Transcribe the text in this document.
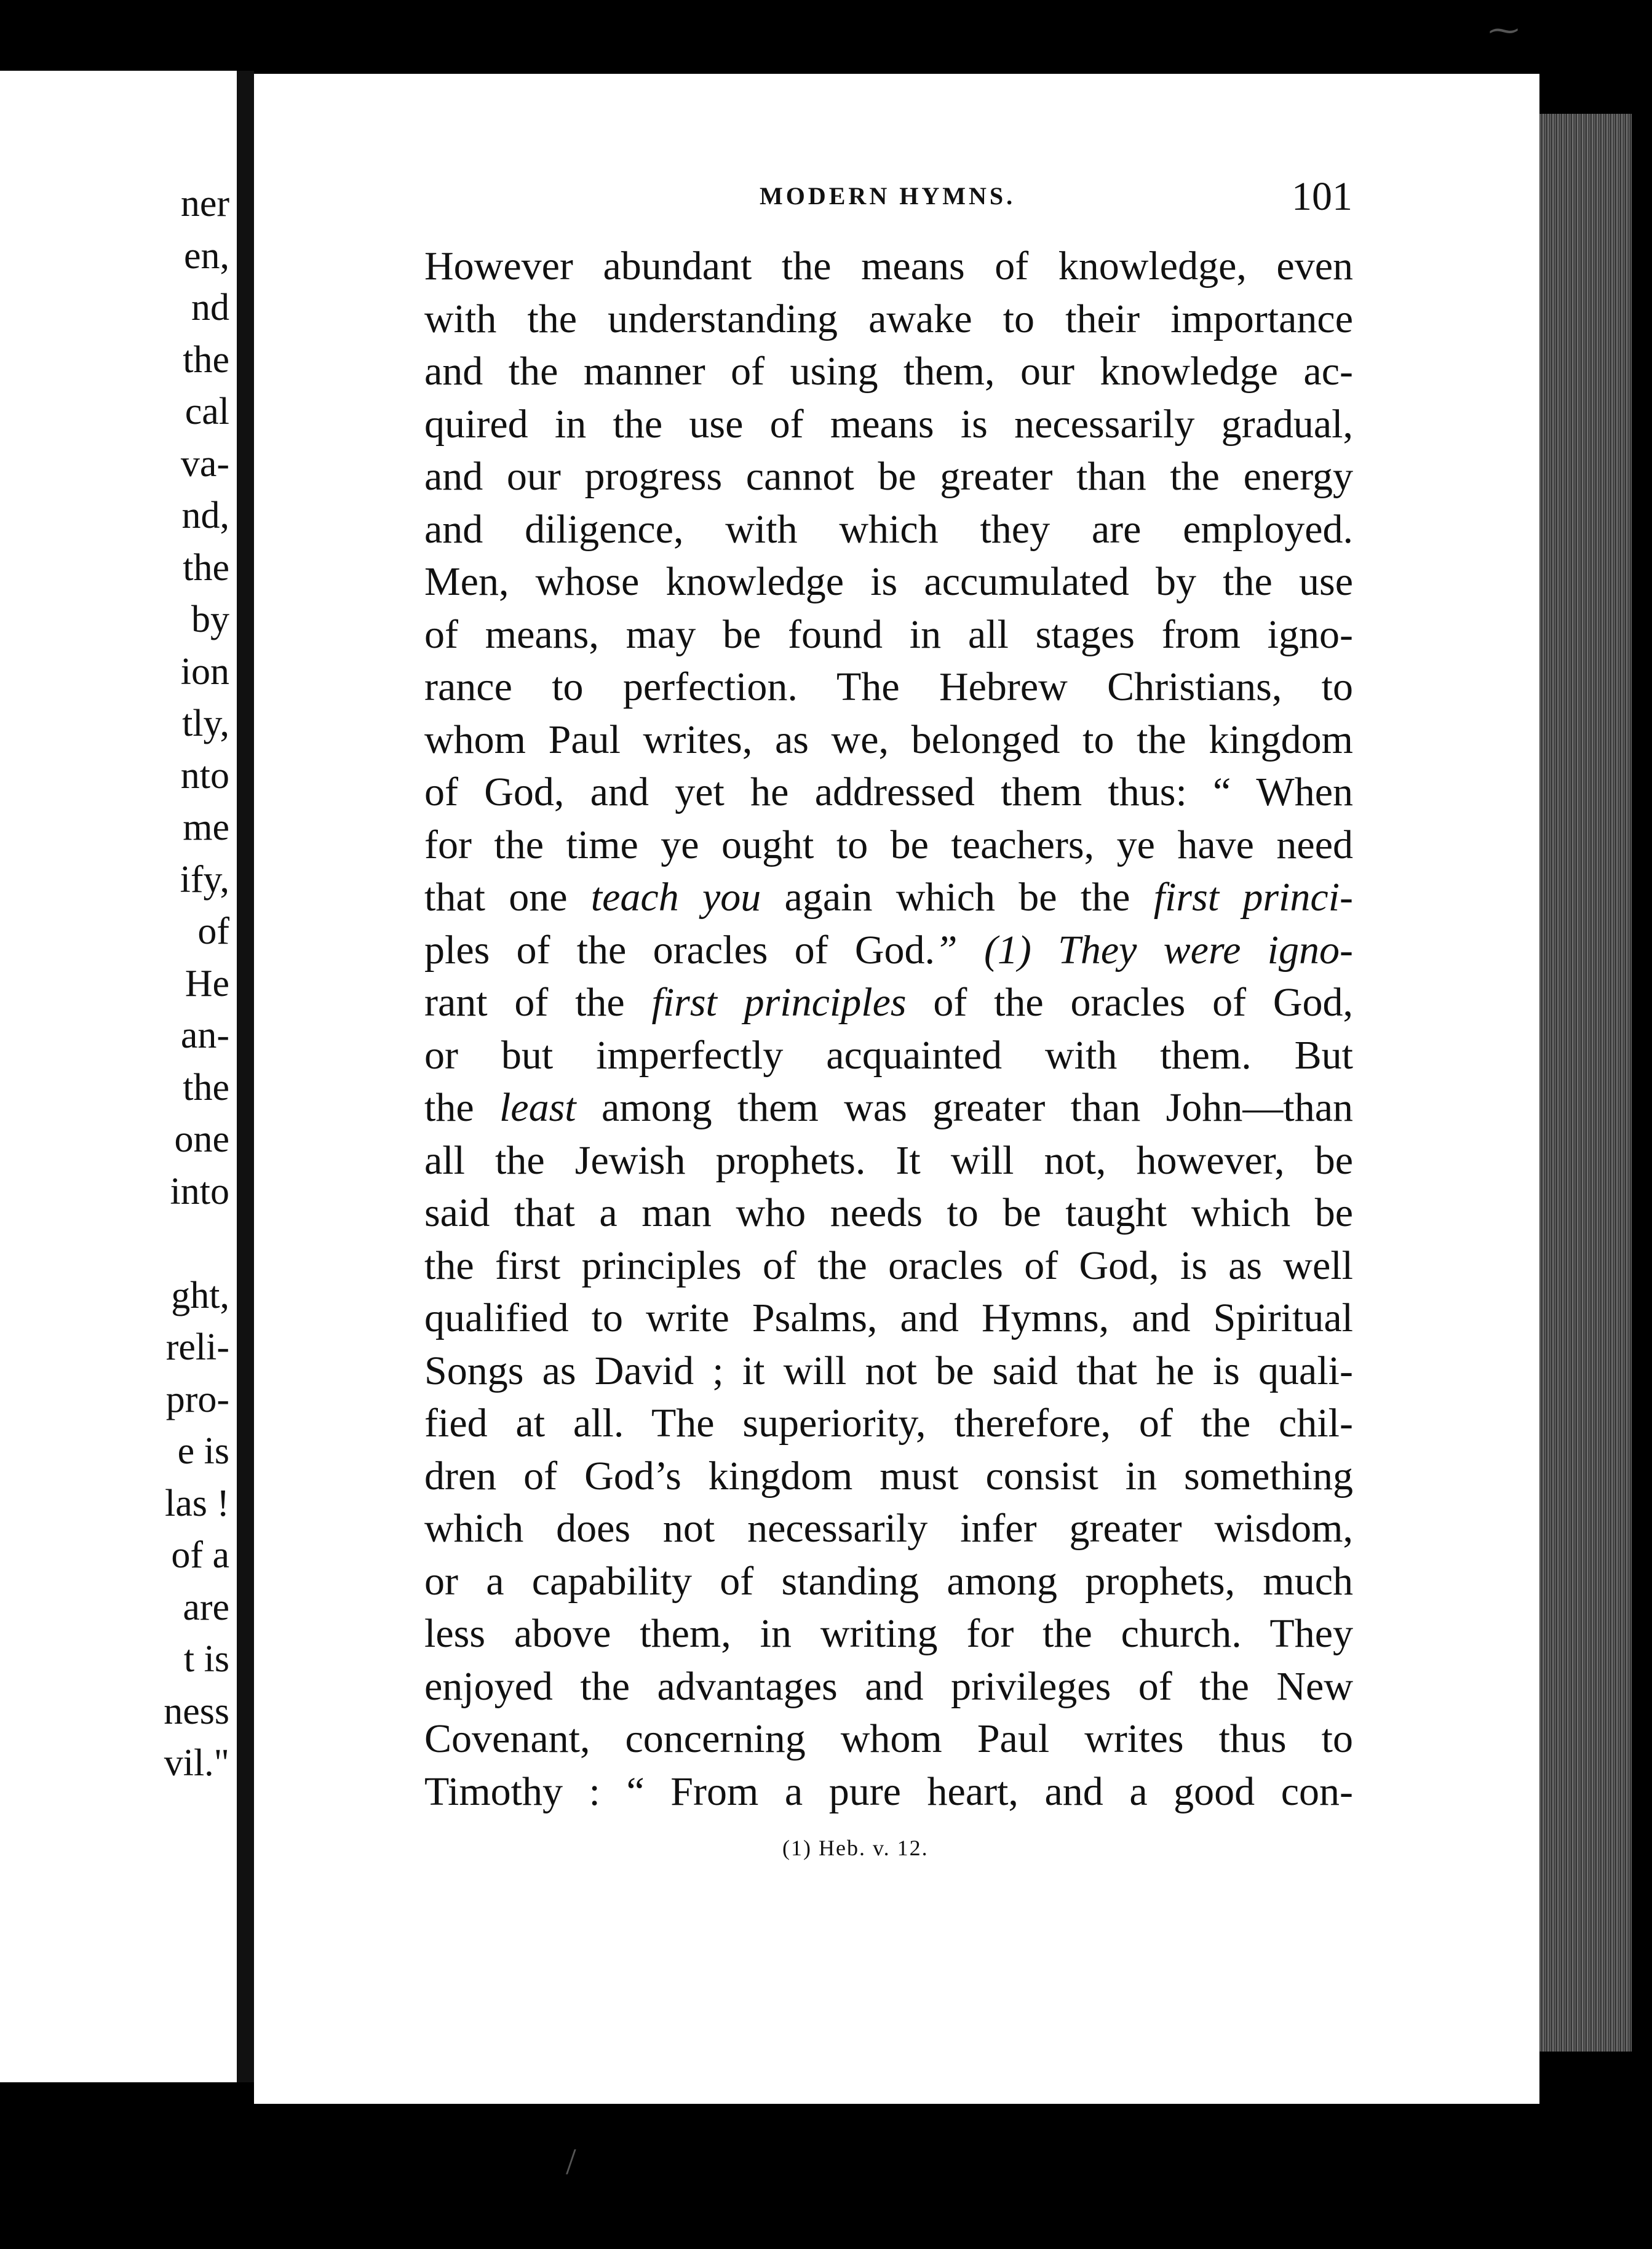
ner
en,
nd
the
cal
va-
nd,
the
by
ion
tly,
nto
me
ify,
of
He
an-
the
one
into
ght,
reli-
pro-
e is
las !
of a
are
t is
ness
vil."
MODERN HYMNS.	101
However abundant the means of knowledge, even
with the understanding awake to their importance
and the manner of using them, our knowledge ac-
quired in the use of means is necessarily gradual,
and our progress cannot be greater than the energy
and diligence, with which they are employed.
Men, whose knowledge is accumulated by the use
of means, may be found in all stages from igno-
rance to perfection. The Hebrew Christians, to
whom Paul writes, as we, belonged to the kingdom
of God, and yet he addressed them thus: “ When
for the time ye ought to be teachers, ye have need
that one teach you again which be the first princi-
ples of the oracles of God.” (1) They were igno-
rant of the first principles of the oracles of God,
or but imperfectly acquainted with them. But
the least among them was greater than John—than
all the Jewish prophets. It will not, however, be
said that a man who needs to be taught which be
the first principles of the oracles of God, is as well
qualified to write Psalms, and Hymns, and Spiritual
Songs as David ; it will not be said that he is quali-
fied at all. The superiority, therefore, of the chil-
dren of God’s kingdom must consist in something
which does not necessarily infer greater wisdom,
or a capability of standing among prophets, much
less above them, in writing for the church. They
enjoyed the advantages and privileges of the New
Covenant, concerning whom Paul writes thus to
Timothy : “ From a pure heart, and a good con-
(1) Heb. v. 12.
⁓
/
